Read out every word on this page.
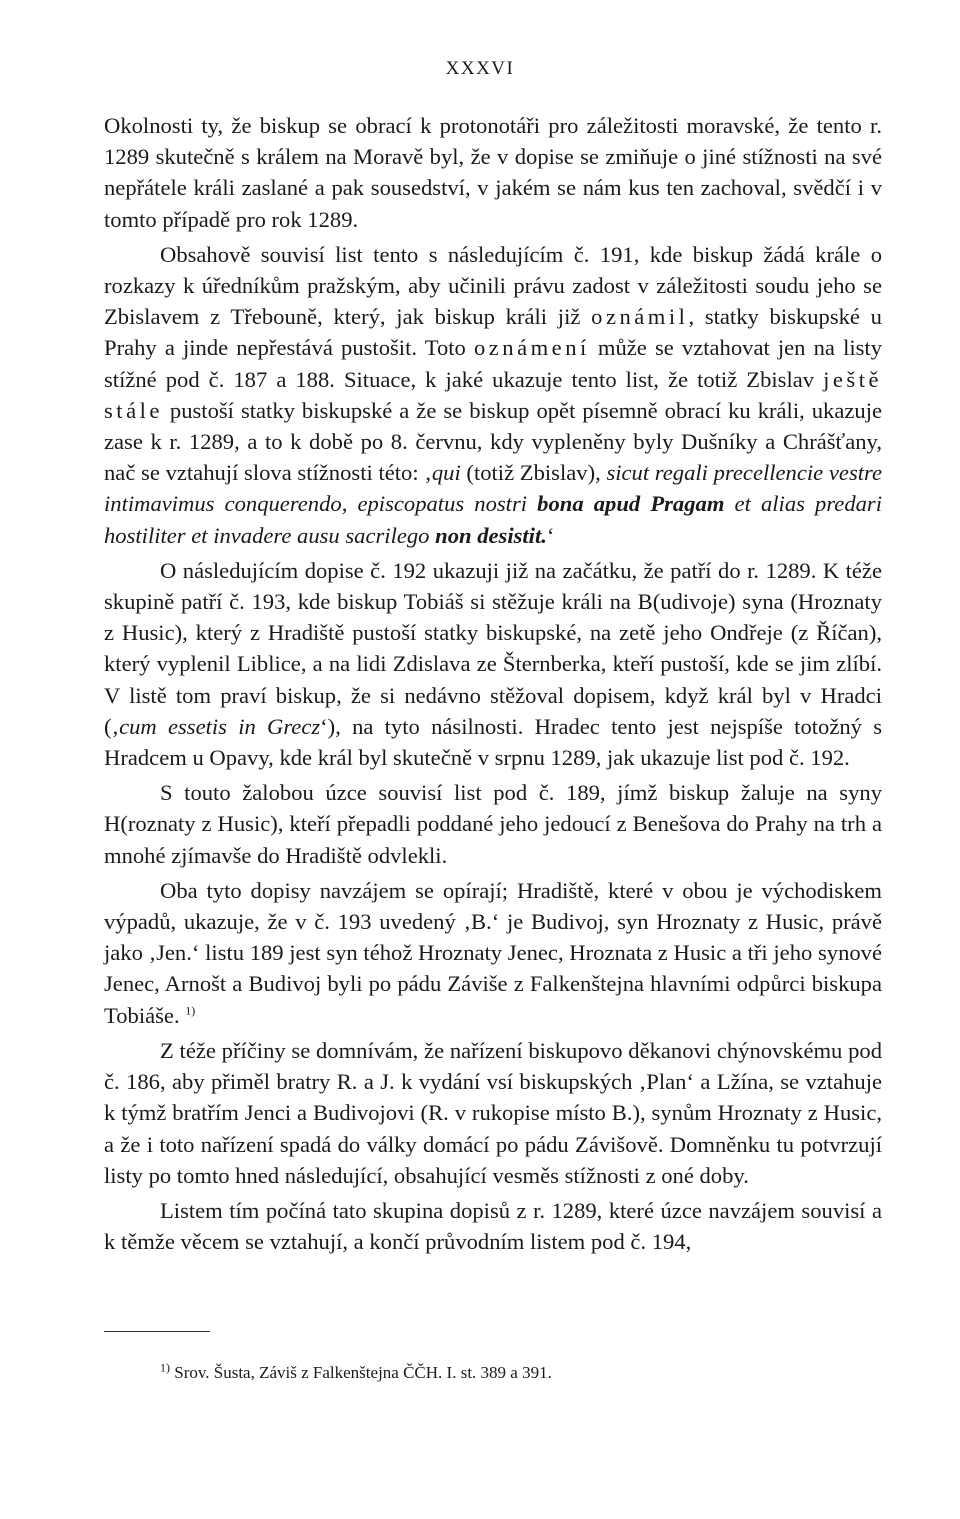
XXXVI

Okolnosti ty, že biskup se obrací k protonotáři pro záležitosti moravské, že tento r. 1289 skutečně s králem na Moravě byl, že v dopise se zmiňuje o jiné stížnosti na své nepřátele králi zaslané a pak sousedství, v jakém se nám kus ten zachoval, svědčí i v tomto případě pro rok 1289.

Obsahově souvisí list tento s následujícím č. 191, kde biskup žádá krále o rozkazy k úředníkům pražským, aby učinili právu zadost v záležitosti soudu jeho se Zbislavem z Třebouně, který, jak biskup králi již oznámil, statky biskupské u Prahy a jinde nepřestává pustošit. Toto oznámení může se vztahovat jen na listy stížné pod č. 187 a 188. Situace, k jaké ukazuje tento list, že totiž Zbislav ještě stále pustoší statky biskupské a že se biskup opět písemně obrací ku králi, ukazuje zase k r. 1289, a to k době po 8. červnu, kdy vypleněny byly Dušníky a Chrášťany, nač se vztahují slova stížnosti této: ‚qui (totiž Zbislav), sicut regali precellencie vestre intimavimus conquerendo, episcopatus nostri bona apud Pragam et alias predari hostiliter et invadere ausu sacrilego non desistit.‘

O následujícím dopise č. 192 ukazuji již na začátku, že patří do r. 1289. K téže skupině patří č. 193, kde biskup Tobiáš si stěžuje králi na B(udivoje) syna (Hroznaty z Husic), který z Hradiště pustoší statky biskupské, na zetě jeho Ondřeje (z Říčan), který vyplenil Liblice, a na lidi Zdislava ze Šternberka, kteří pustoší, kde se jim zlíbí. V listě tom praví biskup, že si nedávno stěžoval dopisem, když král byl v Hradci (‚cum essetis in Grecz‘), na tyto násilnosti. Hradec tento jest nejspíše totožný s Hradcem u Opavy, kde král byl skutečně v srpnu 1289, jak ukazuje list pod č. 192.

S touto žalobou úzce souvisí list pod č. 189, jímž biskup žaluje na syny H(roznaty z Husic), kteří přepadli poddané jeho jedoucí z Benešova do Prahy na trh a mnohé zjímavše do Hradiště odvlekli.

Oba tyto dopisy navzájem se opírají; Hradiště, které v obou je východiskem výpadů, ukazuje, že v č. 193 uvedený ‚B.‘ je Budivoj, syn Hroznaty z Husic, právě jako ‚Jen.‘ listu 189 jest syn téhož Hroznaty Jenec, Hroznata z Husic a tři jeho synové Jenec, Arnošt a Budivoj byli po pádu Záviše z Falkenštejna hlavními odpůrci biskupa Tobiáše. $^{1)}$

Z téže příčiny se domnívám, že nařízení biskupovo děkanovi chýnovskému pod č. 186, aby přiměl bratry R. a J. k vydání vsí biskupských ‚Plan‘ a Lžína, se vztahuje k týmž bratřím Jenci a Budivojovi (R. v rukopise místo B.), synům Hroznaty z Husic, a že i toto nařízení spadá do války domácí po pádu Závišově. Domněnku tu potvrzují listy po tomto hned následující, obsahující vesměs stížnosti z oné doby.

Listem tím počíná tato skupina dopisů z r. 1289, které úzce navzájem souvisí a k těmže věcem se vztahují, a končí průvodním listem pod č. 194,

$^{1)}$ Srov. Šusta, Záviš z Falkenštejna ČČH. I. st. 389 a 391.
